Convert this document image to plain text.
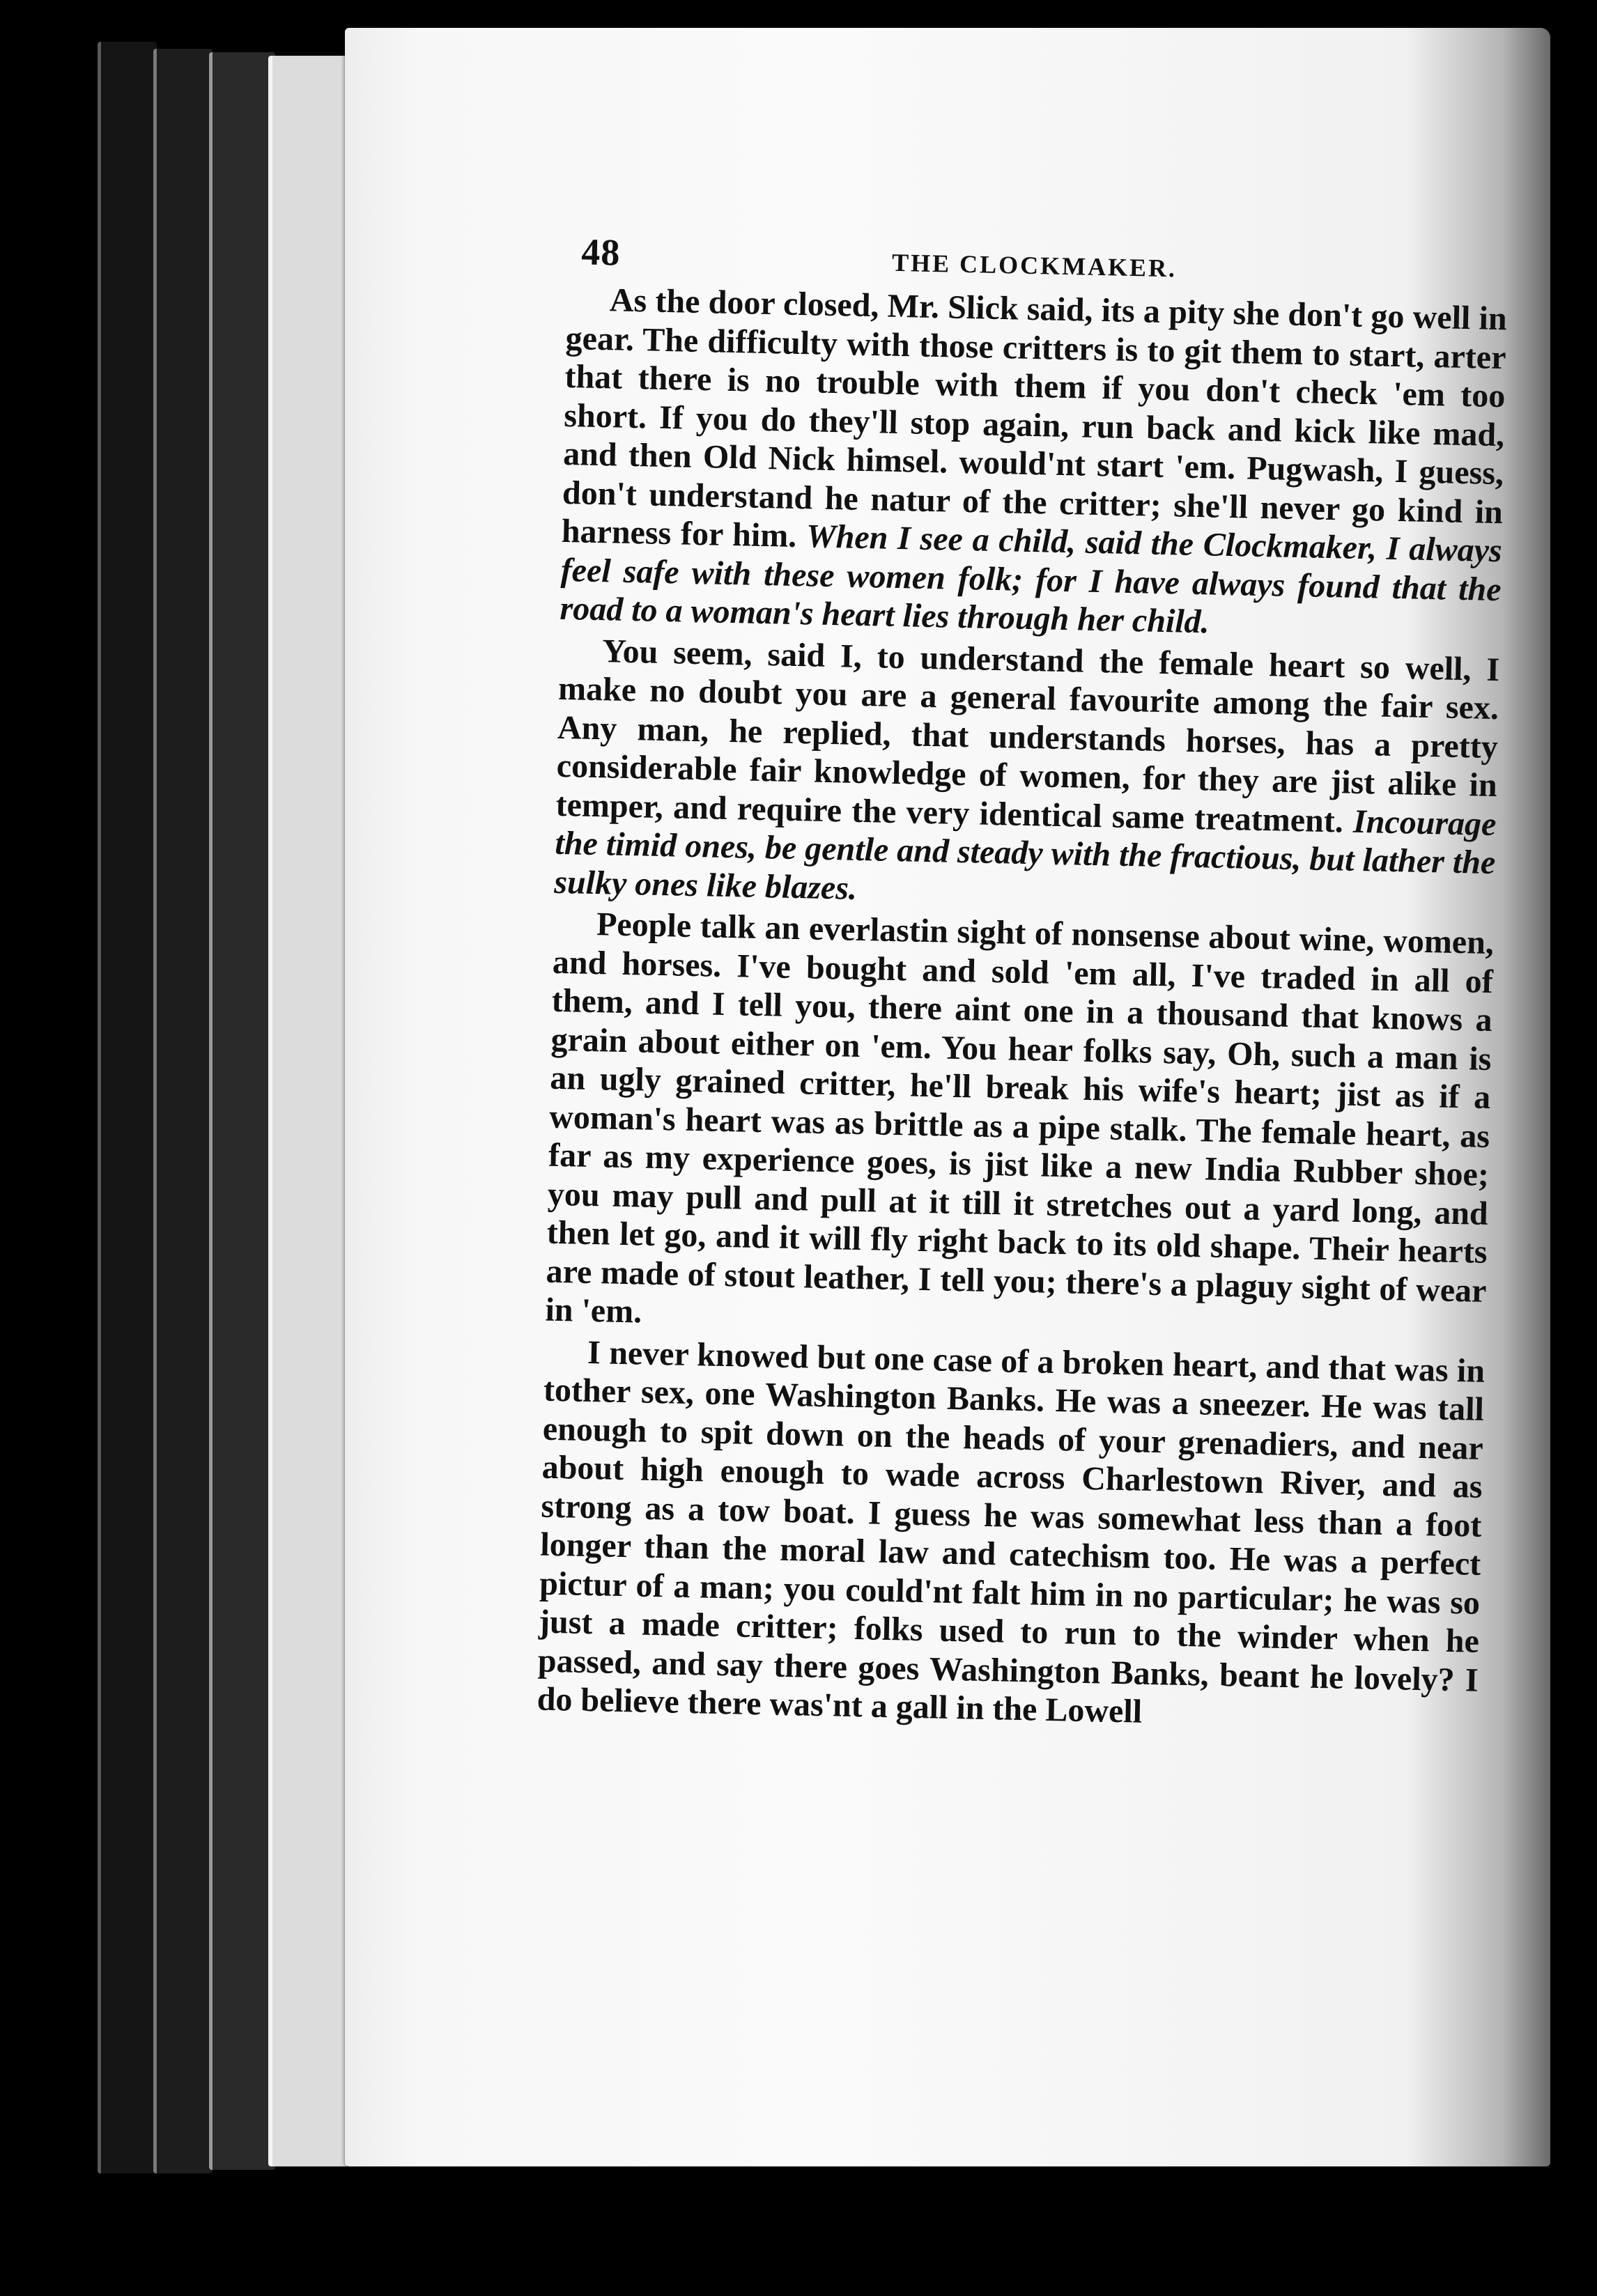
48	THE CLOCKMAKER.

As the door closed, Mr. Slick said, its a pity she don't go well in gear. The difficulty with those critters is to git them to start, arter that there is no trouble with them if you don't check 'em too short. If you do they'll stop again, run back and kick like mad, and then Old Nick himsel. would'nt start 'em. Pugwash, I guess, don't understand he natur of the critter; she'll never go kind in harness for him. When I see a child, said the Clockmaker, I always feel safe with these women folk; for I have always found that the road to a woman's heart lies through her child.

You seem, said I, to understand the female heart so well, I make no doubt you are a general favourite among the fair sex. Any man, he replied, that understands horses, has a pretty considerable fair knowledge of women, for they are jist alike in temper, and require the very identical same treatment. Incourage the timid ones, be gentle and steady with the fractious, but lather the sulky ones like blazes.

People talk an everlastin sight of nonsense about wine, women, and horses. I've bought and sold 'em all, I've traded in all of them, and I tell you, there aint one in a thousand that knows a grain about either on 'em. You hear folks say, Oh, such a man is an ugly grained critter, he'll break his wife's heart; jist as if a woman's heart was as brittle as a pipe stalk. The female heart, as far as my experience goes, is jist like a new India Rubber shoe; you may pull and pull at it till it stretches out a yard long, and then let go, and it will fly right back to its old shape. Their hearts are made of stout leather, I tell you; there's a plaguy sight of wear in 'em.

I never knowed but one case of a broken heart, and that was in tother sex, one Washington Banks. He was a sneezer. He was tall enough to spit down on the heads of your grenadiers, and near about high enough to wade across Charlestown River, and as strong as a tow boat. I guess he was somewhat less than a foot longer than the moral law and catechism too. He was a perfect pictur of a man; you could'nt falt him in no particular; he was so just a made critter; folks used to run to the winder when he passed, and say there goes Washington Banks, beant he lovely? I do believe there was'nt a gall in the Lowell
